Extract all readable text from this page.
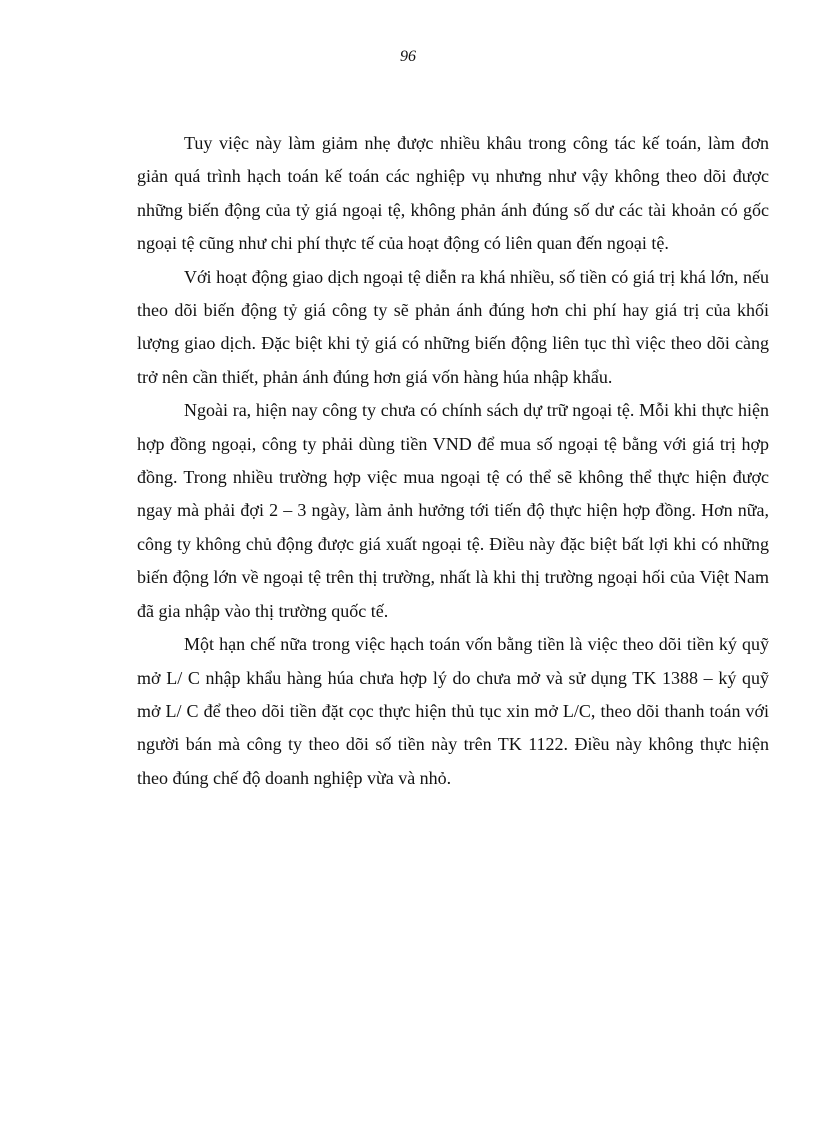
96

Tuy việc này làm giảm nhẹ được nhiều khâu trong công tác kế toán, làm đơn giản quá trình hạch toán kế toán các nghiệp vụ nhưng như vậy không theo dõi được những biến động của tỷ giá ngoại tệ, không phản ánh đúng số dư các tài khoản có gốc ngoại tệ cũng như chi phí thực tế của hoạt động có liên quan đến ngoại tệ.

Với hoạt động giao dịch ngoại tệ diễn ra khá nhiều, số tiền có giá trị khá lớn, nếu theo dõi biến động tỷ giá công ty sẽ phản ánh đúng hơn chi phí hay giá trị của khối lượng giao dịch. Đặc biệt khi tỷ giá có những biến động liên tục thì việc theo dõi càng trở nên cần thiết, phản ánh đúng hơn giá vốn hàng húa nhập khẩu.

Ngoài ra, hiện nay công ty chưa có chính sách dự trữ ngoại tệ. Mỗi khi thực hiện hợp đồng ngoại, công ty phải dùng tiền VND để mua số ngoại tệ bằng với giá trị hợp đồng. Trong nhiều trường hợp việc mua ngoại tệ có thể sẽ không thể thực hiện được ngay mà phải đợi 2 – 3 ngày, làm ảnh hưởng tới tiến độ thực hiện hợp đồng. Hơn nữa, công ty không chủ động được giá xuất ngoại tệ. Điều này đặc biệt bất lợi khi có những biến động lớn về ngoại tệ trên thị trường, nhất là khi thị trường ngoại hối của Việt Nam đã gia nhập vào thị trường quốc tế.

Một hạn chế nữa trong việc hạch toán vốn bằng tiền là việc theo dõi tiền ký quỹ mở L/ C nhập khẩu hàng húa chưa hợp lý do chưa mở và sử dụng TK 1388 – ký quỹ mở L/ C để theo dõi tiền đặt cọc thực hiện thủ tục xin mở L/C, theo dõi thanh toán với người bán mà công ty theo dõi số tiền này trên TK 1122. Điều này không thực hiện theo đúng chế độ doanh nghiệp vừa và nhỏ.
